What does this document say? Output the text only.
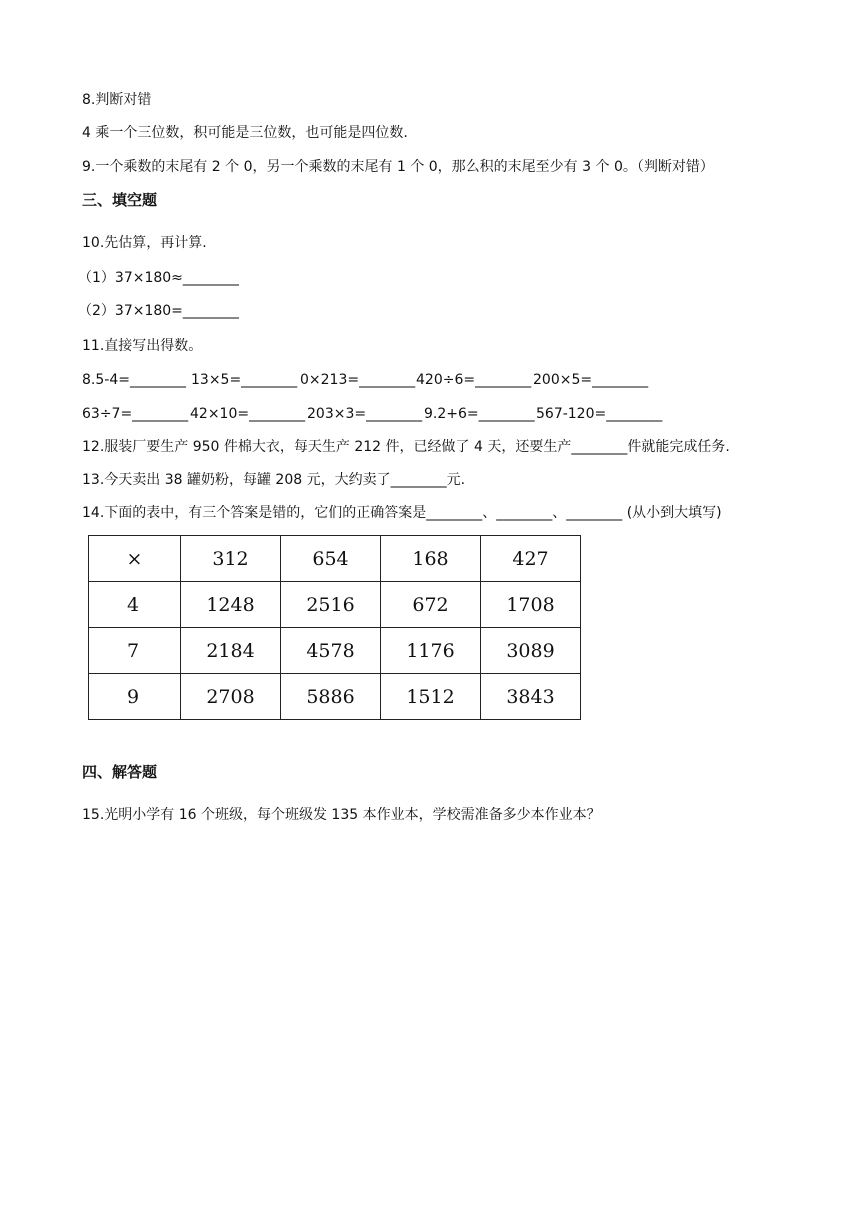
8.判断对错
4 乘一个三位数，积可能是三位数，也可能是四位数.
9.一个乘数的末尾有 2 个 0，另一个乘数的末尾有 1 个 0，那么积的末尾至少有 3 个 0。（判断对错）
三、填空题
10.先估算，再计算.
（1）37×180≈________
（2）37×180=________
11.直接写出得数。
8.5-4=________ 13×5=________ 0×213=________ 420÷6=________ 200×5=________
63÷7=________ 42×10=________ 203×3=________ 9.2+6=________ 567-120=________
12.服装厂要生产 950 件棉大衣，每天生产 212 件，已经做了 4 天，还要生产________件就能完成任务.
13.今天卖出 38 罐奶粉，每罐 208 元，大约卖了________元.
14.下面的表中，有三个答案是错的，它们的正确答案是________、________、________ (从小到大填写)
×	312	654	168	427
4	1248	2516	672	1708
7	2184	4578	1176	3089
9	2708	5886	1512	3843
四、解答题
15.光明小学有 16 个班级，每个班级发 135 本作业本，学校需准备多少本作业本？
